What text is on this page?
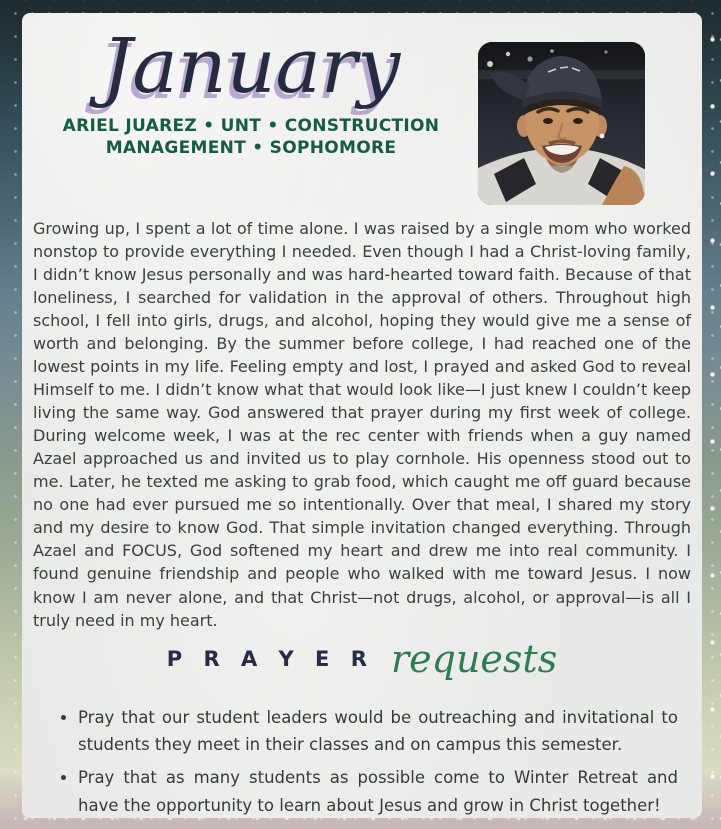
January
ARIEL JUAREZ • UNT • CONSTRUCTION
MANAGEMENT • SOPHOMORE

Growing up, I spent a lot of time alone. I was raised by a single mom who worked nonstop to provide everything I needed. Even though I had a Christ-loving family, I didn’t know Jesus personally and was hard-hearted toward faith. Because of that loneliness, I searched for validation in the approval of others. Throughout high school, I fell into girls, drugs, and alcohol, hoping they would give me a sense of worth and belonging. By the summer before college, I had reached one of the lowest points in my life. Feeling empty and lost, I prayed and asked God to reveal Himself to me. I didn’t know what that would look like—I just knew I couldn’t keep living the same way. God answered that prayer during my first week of college. During welcome week, I was at the rec center with friends when a guy named Azael approached us and invited us to play cornhole. His openness stood out to me. Later, he texted me asking to grab food, which caught me off guard because no one had ever pursued me so intentionally. Over that meal, I shared my story and my desire to know God. That simple invitation changed everything. Through Azael and FOCUS, God softened my heart and drew me into real community. I found genuine friendship and people who walked with me toward Jesus. I now know I am never alone, and that Christ—not drugs, alcohol, or approval—is all I truly need in my heart.

P R A Y E R requests
• Pray that our student leaders would be outreaching and invitational to students they meet in their classes and on campus this semester.
• Pray that as many students as possible come to Winter Retreat and have the opportunity to learn about Jesus and grow in Christ together!
